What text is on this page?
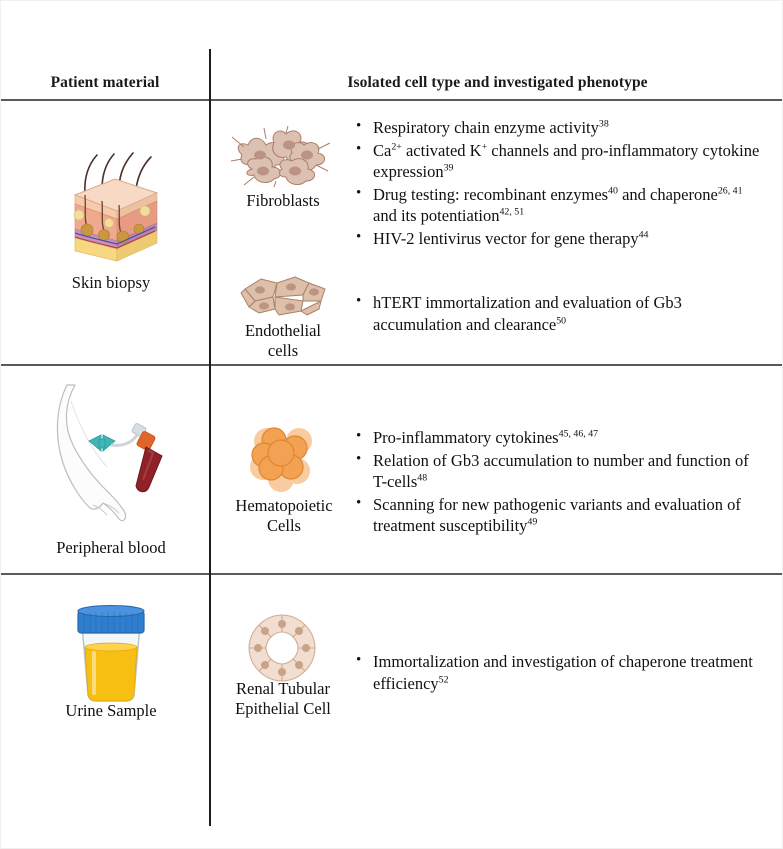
Patient material	Isolated cell type and investigated phenotype
Skin biopsy
Fibroblasts
Endothelial
cells
• Respiratory chain enzyme activity$^{38}$
• $Ca^{2+}$ activated K+ channels and pro-inflammatory cytokine expression$^{39}$
• Drug testing: recombinant enzymes$^{40}$ and chaperone$^{26, 41}$ and its potentiation$^{42, 51}$
• HIV-2 lentivirus vector for gene therapy$^{44}$
• hTERT immortalization and evaluation of Gb3 accumulation and clearance$^{50}$
Peripheral blood
Hematopoietic
Cells
• Pro-inflammatory cytokines$^{45, 46, 47}$
• Relation of Gb3 accumulation to number and function of T-cells$^{48}$
• Scanning for new pathogenic variants and evaluation of treatment susceptibility$^{49}$
Urine Sample
Renal Tubular
Epithelial Cell
• Immortalization and investigation of chaperone treatment efficiency$^{52}$
